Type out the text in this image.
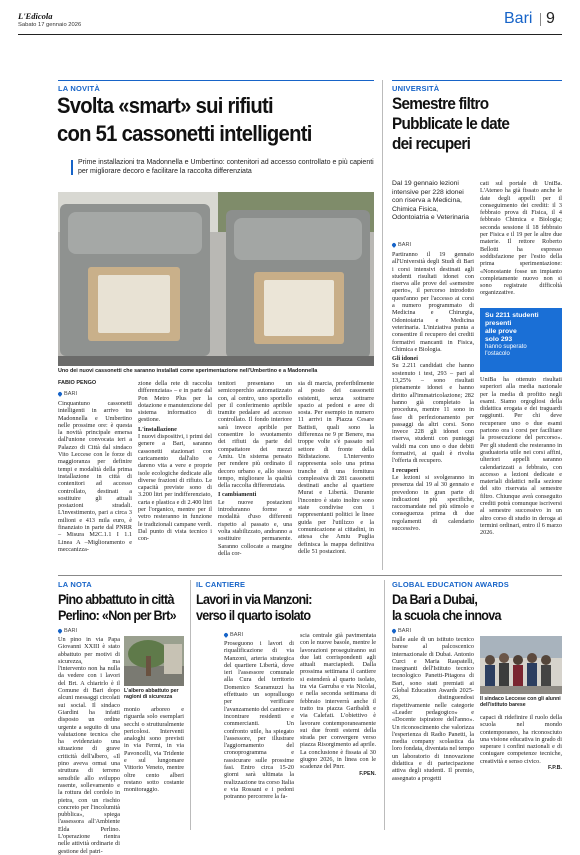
L'Edicola
Sabato 17 gennaio 2026	Bari 9
LA NOVITÀ
Svolta «smart» sui rifiuti
con 51 cassonetti intelligenti
Prime installazioni tra Madonnella e Umbertino: contenitori ad accesso controllato e più capienti per migliorare decoro e facilitare la raccolta differenziata
Uno dei nuovi cassonetti che saranno installati come sperimentazione nell'Umbertino e a Madonnella
FABIO PENGO
BARI
Cinquantuno cassonetti intelligenti in arrivo tra Madonnella e Umbertino nelle prossime ore: è questa la novità principale emersa dall'unione convocata ieri a Palazzo di Città dal sindaco Vito Leccese con le forze di maggioranza per definire tempi e modalità della prima installazione in città di contenitori ad accesso controllato, destinati a sostituire gli attuali postazioni stradali. L'investimento, pari a circa 3 milioni e 413 mila euro, è finanziato in parte dal PNRR – Misura M2C.1.1 I 1.1 Linea A –Miglioramento e meccanizza-
zione della rete di raccolta differenziata» – e in parte dal Pon Metro Plus per la dotazione e manutenzione del sistema informatico di gestione.
L'installazione
I nuovi dispositivi, i primi del genere a Bari, saranno cassonetti stazionari con caricamento dall'alto e dareno vita a vere e proprie isole ecologiche dedicate alle diverse frazioni di rifiuto. Le capacità previste sono di 3.200 litri per indifferenziato, carta e plastica e di 2.400 litri per l'organico, mentre per il vetro resteranno in funzione le tradizionali campane verdi. Dal punto di vista tecnico i con-
tenitori presentano un semicoperchio automatizzato con, al centro, uno sportello per il conferimento apribile tramite pedalare ad accesso controllato. Il fondo interiore sarà invece apribile per consentire lo svuotamento dei rifiuti da parte del compattatore dei mezzi Amiu. Un sistema pensato per rendere più ordinato il decoro urbano e, allo stesso tempo, migliorare la qualità della raccolta differenziata.
I cambiamenti
Le nuove postazioni introduranno forme e modalità d'uso differenti rispetto al passato e, una volta stabilizzato, andranno a sostituire permanente. Saranno collocate a margine della cor-
sia di marcia, preferibilmente al posto dei cassonetti esistenti, senza sottrarre spazio ai pedoni e aree di sosta. Per esempio in numero 11 arrivi in Piazza Cesare Battisti, quali sono la differenza ne 9 pr Benere, ma troppe volte s'è passato nel settore di fronte della Bidistazione. L'intervento rappresenta solo una prima tranche di una fornitura complessiva di 281 cassonetti destinati anche al quartiere Murat e Libertà. Durante l'incontro è stato inoltre sono state condivise con i rappresentanti politici le linee guida per l'utilizzo e la comunicazione ai cittadini, in attesa che Amiu Puglia definisca la mappa definitiva delle 51 postazioni.
UNIVERSITÀ
Semestre filtro
Pubblicate le date
dei recuperi
Dal 19 gennaio lezioni intensive per 228 idonei con riserva a Medicina, Chimica Fisica, Odontoiatria e Veterinaria
BARI
Partiranno il 19 gennaio all'Università degli Studi di Bari i corsi intensivi destinati agli studenti risultati idonei con riserva alle prove del «semestre aperto», il percorso introdotto quest'anno per l'accesso ai corsi a numero programmato di Medicina e Chirurgia, Odontoiatria e Medicina veterinaria. L'iniziativa punta a consentire il recupero dei crediti formativi mancanti in Fisica, Chimica e Biologia.
Gli idonei
Su 2.211 candidati che hanno sostenuto i test, 293 – pari al 13,25% – sono risultati pienamente idonei e hanno diritto all'immatricolazione; 282 hanno già completato la procedura, mentre 11 sono in fase di perfezionamento per passaggi da altri corsi. Sono invece 228 gli idonei con riserva, studenti con punteggi validi ma con uno o due debiti formativi, ai quali è rivolta l'offerta di recupero.
I recuperi
Le lezioni si svolgeranno in presenza dal 19 al 30 gennaio e prevedono in gran parte di indicazioni più specifiche, raccomandate nel più stimolo e conseguenza prima di due regolamenti di calendario successivo.
cati sul portale di UniBa. L'Ateneo ha già fissato anche le date degli appelli per il conseguimento dei crediti: il 3 febbraio prova di Fisica, il 4 febbraio Chimica e Biologia; seconda sessione il 18 febbraio per Fisica e il 19 per le altre due materie. Il rettore Roberto Bellotti ha espresso soddisfazione per l'esito della prima sperimentazione: «Nonostante fosse un impianto completamente nuovo non si sono registrate difficoltà organizzative.
Su 2211 studenti
presenti
alle prove
solo 293
hanno superato
l'ostacolo
UniBa ha ottenuto risultati superiori alla media nazionale per la media di profitto negli esami. Siamo orgogliosi della didattica erogata e dei traguardi raggiunti. Per chi deve recuperare uno o due esami partono ora i corsi per facilitare la prosecuzione del percorso». Per gli studenti che resteranno in graduatoria utile nei corsi affini, ulteriori appelli saranno calendarizzati a febbraio, con accesso a lezioni dedicate e materiali didattici nella sezione del sito riservata al semestre filtro. Chiunque avrà conseguito crediti potrà comunque iscriversi al semestre successivo in un altro corso di studio in deroga ai termini ordinari, entro il 6 marzo 2026.
LA NOTA
Pino abbattuto in città
Perlino: «Non per Brt»
BARI
Un pino in via Papa Giovanni XXIII è stato abbattuto per motivi di sicurezza, ma l'intervento non ha nulla da vedere con i lavori del Brt. A chiarirlo è il Comune di Bari dopo alcuni messaggi circolati sui social. Il sindaco Giardini ha infatti disposto un ordine urgente a seguito di una valutazione tecnica che ha evidenziato una situazione di grave criticità dell'albero, «Il pino aveva ormai una struttura di terreno sensibile allo sviluppo rasente, sollevamento e la rottura del cordolo in pietra, con un rischio concreto per l'incolumità pubblica», spiega l'assessora all'Ambiente Elda Perlino. L'operazione rientra nelle attività ordinarie di gestione del patri-
L'albero abbattuto per ragioni di sicurezza
monio arboreo e riguarda solo esemplari secchi o strutturalmente pericolosi. Interventi analoghi sono previsti in via Fermi, in via Pavoncelli, via Tridente e sul lungomare Vittorio Veneto, mentre oltre cento alberi restano sotto costante monitoraggio.
IL CANTIERE
Lavori in via Manzoni:
verso il quarto isolato
BARI
Proseguono i lavori di riqualificazione di via Manzoni, arteria strategica del quartiere Libertà, dove ieri l'assessore comunale alla Cura del territorio Domenico Scaramuzzi ha effettuato un sopralluogo per verificare l'avanzamento del cantiere e incontrare residenti e commercianti. Un confronto utile, ha spiegato l'assessore, per illustrare l'aggiornamento del cronoprogramma e rassicurare sulle prossime fasi. Entro circa 15-20 giorni sarà ultimata la realizzazione tra corso Italia e via Rossani e i pedoni potranno percorrere la fa-
scia centrale già pavimentata con le nuove basole, mentre le lavorazioni proseguiranno sui due lati corrispondenti agli attuali marciapiedi. Dalla prossima settimana il cantiere si estenderà al quarto isolato, tra via Garruba e via Nicolai, e nella seconda settimana di febbraio interverrà anche il tratto tra piazza Garibaldi e via Calefati. L'obiettivo è lavorare contemporaneamente sui due fronti esterni della strada per convergere verso piazza Risorgimento ad aprile. La conclusione è fissata al 30 giugno 2026, in linea con le scadenze del Pnrr.
F.PEN.
GLOBAL EDUCATION AWARDS
Da Bari a Dubai,
la scuola che innova
BARI
Dalle aule di un istituto tecnico barese al palcoscenico internazionale di Dubai. Antonio Curci e Maria Raspatelli, insegnanti dell'Istituto tecnico tecnologico Panetti-Pitagora di Bari, sono stati premiati ai Global Education Awards 2025-26, distinguendosi rispettivamente nelle categorie «Leader pedagogico» e «Docente ispiratore dell'anno». Un riconoscimento che valorizza l'esperienza di Radio Panetti, la media company scolastica da loro fondata, diventata nel tempo un laboratorio di innovazione didattica e di partecipazione attiva degli studenti. Il premio, assegnato a progetti
Il sindaco Leccese con gli alunni dell'istituto barese
capaci di ridefinire il ruolo della scuola nel mondo contemporaneo, ha riconosciuto una visione educativa in grado di superare i confini nazionali e di coniugare competenze tecniche, creatività e senso civico.
F.P.B.
